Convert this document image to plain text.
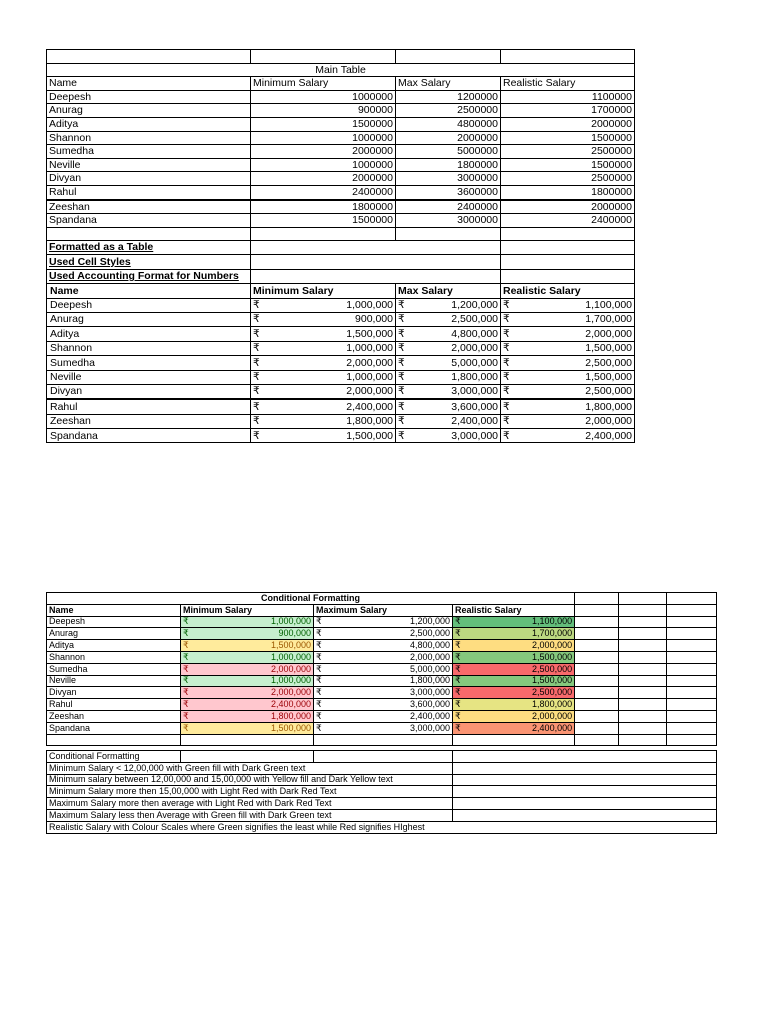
Main Table			
Name	Minimum Salary	Max Salary	Realistic Salary
Deepesh	1000000	1200000	1100000
Anurag	900000	2500000	1700000
Aditya	1500000	4800000	2000000
Shannon	1000000	2000000	1500000
Sumedha	2000000	5000000	2500000
Neville	1000000	1800000	1500000
Divyan	2000000	3000000	2500000
Rahul	2400000	3600000	1800000
Zeeshan	1800000	2400000	2000000
Spandana	1500000	3000000	2400000

Formatted as a Table						
Used Cell Styles						
Used Accounting Format for Numbers						
Name	Minimum Salary		Max Salary		Realistic Salary	
Deepesh	₹	1,000,000	₹	1,200,000	₹	1,100,000
Anurag	₹	900,000	₹	2,500,000	₹	1,700,000
Aditya	₹	1,500,000	₹	4,800,000	₹	2,000,000
Shannon	₹	1,000,000	₹	2,000,000	₹	1,500,000
Sumedha	₹	2,000,000	₹	5,000,000	₹	2,500,000
Neville	₹	1,000,000	₹	1,800,000	₹	1,500,000
Divyan	₹	2,000,000	₹	3,000,000	₹	2,500,000
Rahul	₹	2,400,000	₹	3,600,000	₹	1,800,000
Zeeshan	₹	1,800,000	₹	2,400,000	₹	2,000,000
Spandana	₹	1,500,000	₹	3,000,000	₹	2,400,000
Conditional Formatting									
Name	Minimum Salary		Maximum Salary		Realistic Salary				
Deepesh	₹	1,000,000	₹	1,200,000	₹	1,100,000			
Anurag	₹	900,000	₹	2,500,000	₹	1,700,000			
Aditya	₹	1,500,000	₹	4,800,000	₹	2,000,000			
Shannon	₹	1,000,000	₹	2,000,000	₹	1,500,000			
Sumedha	₹	2,000,000	₹	5,000,000	₹	2,500,000			
Neville	₹	1,000,000	₹	1,800,000	₹	1,500,000			
Divyan	₹	2,000,000	₹	3,000,000	₹	2,500,000			
Rahul	₹	2,400,000	₹	3,600,000	₹	1,800,000			
Zeeshan	₹	1,800,000	₹	2,400,000	₹	2,000,000			
Spandana	₹	1,500,000	₹	3,000,000	₹	2,400,000			

Conditional Formatting			
Minimum Salary < 12,00,000 with Green fill with Dark Green text			
Minimum salary between 12,00,000 and 15,00,000 with Yellow fill and Dark Yellow text			
Minimum Salary more then 15,00,000 with Light Red with Dark Red Text			
Maximum Salary more then average with Light Red with Dark Red Text			
Maximum Salary less then Average with Green fill with Dark Green text			
Realistic Salary with Colour Scales where Green signifies the least while Red signifies HIghest			
